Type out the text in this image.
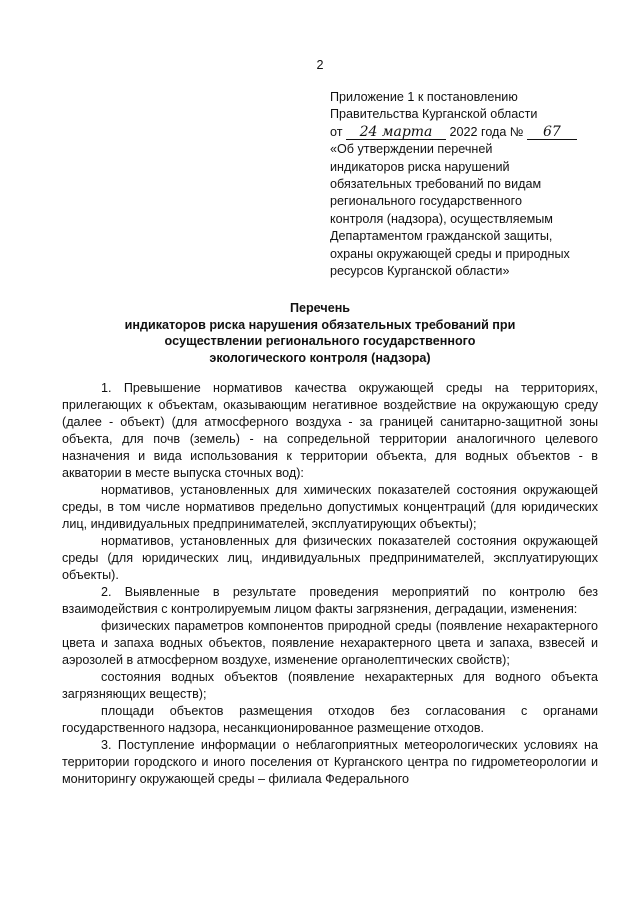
2
Приложение 1 к постановлению
Правительства Курганской области
от 24 марта 2022 года № 67
«Об утверждении перечней
индикаторов риска нарушений
обязательных требований по видам
регионального государственного
контроля (надзора), осуществляемым
Департаментом гражданской защиты,
охраны окружающей среды и природных
ресурсов Курганской области»
Перечень
индикаторов риска нарушения обязательных требований при
осуществлении регионального государственного
экологического контроля (надзора)

1. Превышение нормативов качества окружающей среды на территориях, прилегающих к объектам, оказывающим негативное воздействие на окружающую среду (далее - объект) (для атмосферного воздуха - за границей санитарно-защитной зоны объекта, для почв (земель) - на сопредельной территории аналогичного целевого назначения и вида использования к территории объекта, для водных объектов - в акватории в месте выпуска сточных вод):

нормативов, установленных для химических показателей состояния окружающей среды, в том числе нормативов предельно допустимых концентраций (для юридических лиц, индивидуальных предпринимателей, эксплуатирующих объекты);

нормативов, установленных для физических показателей состояния окружающей среды (для юридических лиц, индивидуальных предпринимателей, эксплуатирующих объекты).

2. Выявленные в результате проведения мероприятий по контролю без взаимодействия с контролируемым лицом факты загрязнения, деградации, изменения:

физических параметров компонентов природной среды (появление нехарактерного цвета и запаха водных объектов, появление нехарактерного цвета и запаха, взвесей и аэрозолей в атмосферном воздухе, изменение органолептических свойств);

состояния водных объектов (появление нехарактерных для водного объекта загрязняющих веществ);

площади объектов размещения отходов без согласования с органами государственного надзора, несанкционированное размещение отходов.

3. Поступление информации о неблагоприятных метеорологических условиях на территории городского и иного поселения от Курганского центра по гидрометеорологии и мониторингу окружающей среды – филиала Федерального
